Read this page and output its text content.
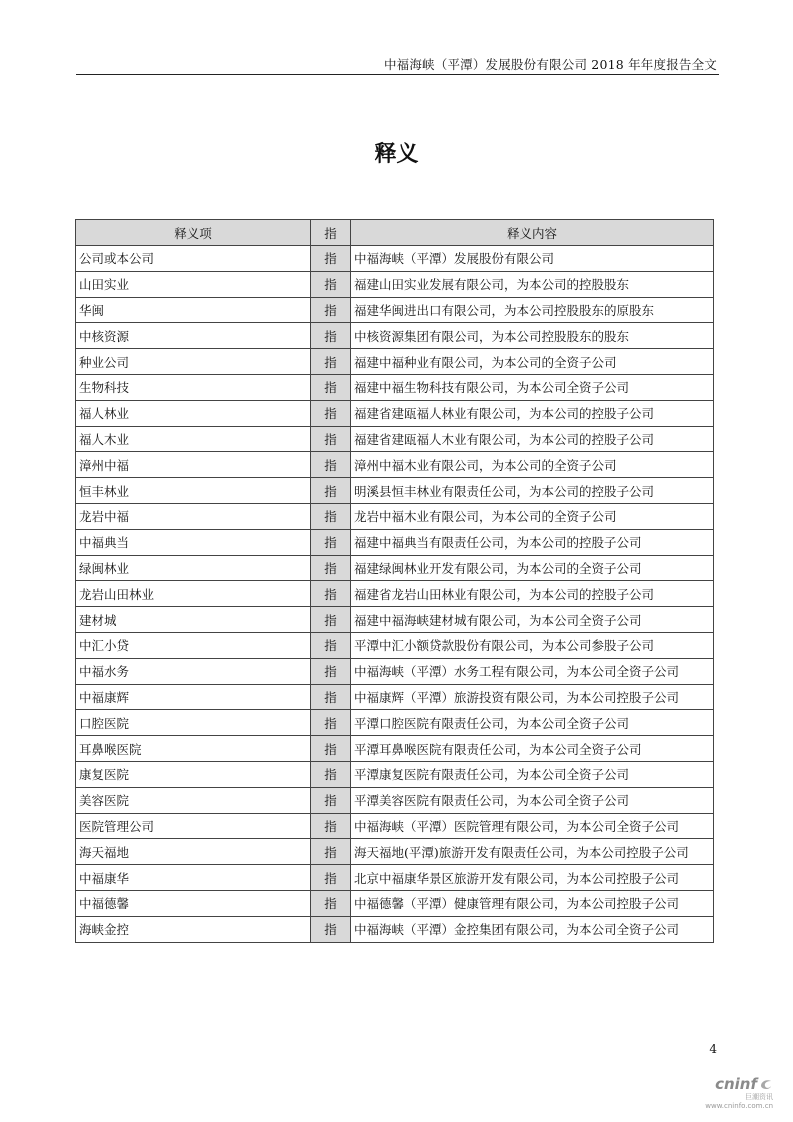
中福海峡（平潭）发展股份有限公司 2018 年年度报告全文
释义
释义项	指	释义内容
公司或本公司	指	中福海峡（平潭）发展股份有限公司
山田实业	指	福建山田实业发展有限公司，为本公司的控股股东
华闽	指	福建华闽进出口有限公司，为本公司控股股东的原股东
中核资源	指	中核资源集团有限公司，为本公司控股股东的股东
种业公司	指	福建中福种业有限公司，为本公司的全资子公司
生物科技	指	福建中福生物科技有限公司，为本公司全资子公司
福人林业	指	福建省建瓯福人林业有限公司，为本公司的控股子公司
福人木业	指	福建省建瓯福人木业有限公司，为本公司的控股子公司
漳州中福	指	漳州中福木业有限公司，为本公司的全资子公司
恒丰林业	指	明溪县恒丰林业有限责任公司，为本公司的控股子公司
龙岩中福	指	龙岩中福木业有限公司，为本公司的全资子公司
中福典当	指	福建中福典当有限责任公司，为本公司的控股子公司
绿闽林业	指	福建绿闽林业开发有限公司，为本公司的全资子公司
龙岩山田林业	指	福建省龙岩山田林业有限公司，为本公司的控股子公司
建材城	指	福建中福海峡建材城有限公司，为本公司全资子公司
中汇小贷	指	平潭中汇小额贷款股份有限公司，为本公司参股子公司
中福水务	指	中福海峡（平潭）水务工程有限公司，为本公司全资子公司
中福康辉	指	中福康辉（平潭）旅游投资有限公司，为本公司控股子公司
口腔医院	指	平潭口腔医院有限责任公司，为本公司全资子公司
耳鼻喉医院	指	平潭耳鼻喉医院有限责任公司，为本公司全资子公司
康复医院	指	平潭康复医院有限责任公司，为本公司全资子公司
美容医院	指	平潭美容医院有限责任公司，为本公司全资子公司
医院管理公司	指	中福海峡（平潭）医院管理有限公司，为本公司全资子公司
海天福地	指	海天福地(平潭)旅游开发有限责任公司，为本公司控股子公司
中福康华	指	北京中福康华景区旅游开发有限公司，为本公司控股子公司
中福德馨	指	中福德馨（平潭）健康管理有限公司，为本公司控股子公司
海峡金控	指	中福海峡（平潭）金控集团有限公司，为本公司全资子公司
4
cninf
巨潮资讯
www.cninfo.com.cn
